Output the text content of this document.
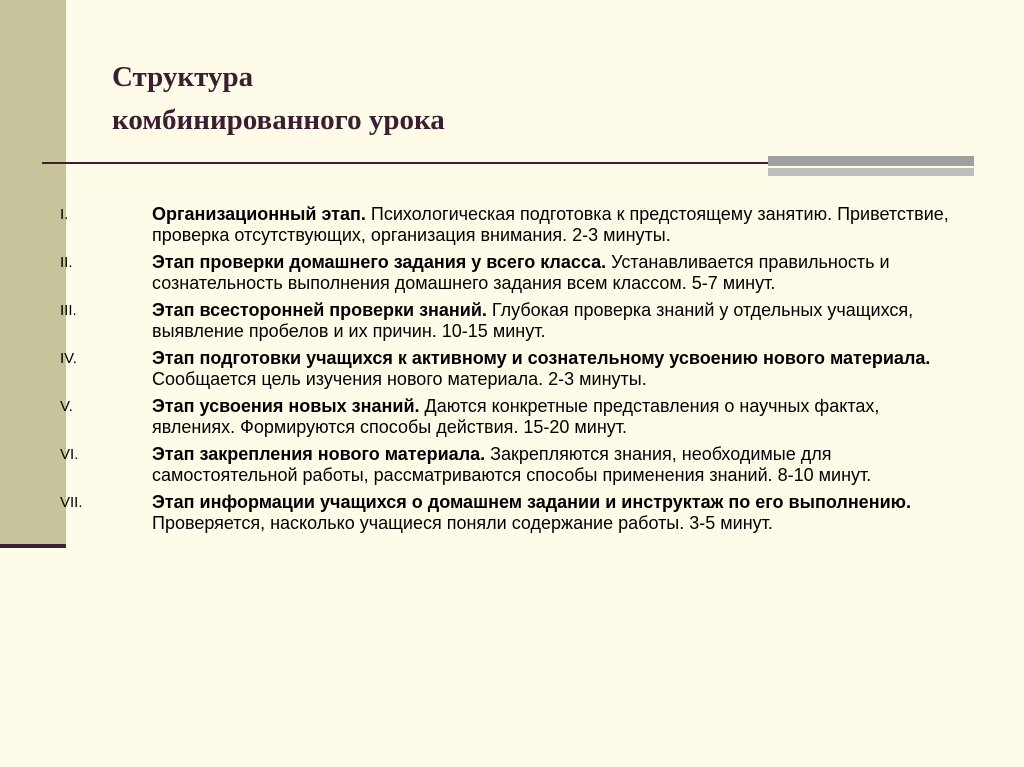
Структура
комбинированного урока
I.	Организационный этап. Психологическая подготовка к предстоящему занятию. Приветствие, проверка отсутствующих, организация внимания. 2-3 минуты.
II.	Этап проверки домашнего задания у всего класса. Устанавливается правильность и сознательность выполнения домашнего задания всем классом. 5-7 минут.
III.	Этап всесторонней проверки знаний. Глубокая проверка знаний у отдельных учащихся, выявление пробелов и их причин. 10-15 минут.
IV.	Этап подготовки учащихся к активному и сознательному усвоению нового материала. Сообщается цель изучения нового материала. 2-3 минуты.
V.	Этап усвоения новых знаний. Даются конкретные представления о научных фактах, явлениях. Формируются способы действия. 15-20 минут.
VI.	Этап закрепления нового материала. Закрепляются знания, необходимые для самостоятельной работы, рассматриваются способы применения знаний. 8-10 минут.
VII.	Этап информации учащихся о домашнем задании и инструктаж по его выполнению. Проверяется, насколько учащиеся поняли содержание работы. 3-5 минут.
